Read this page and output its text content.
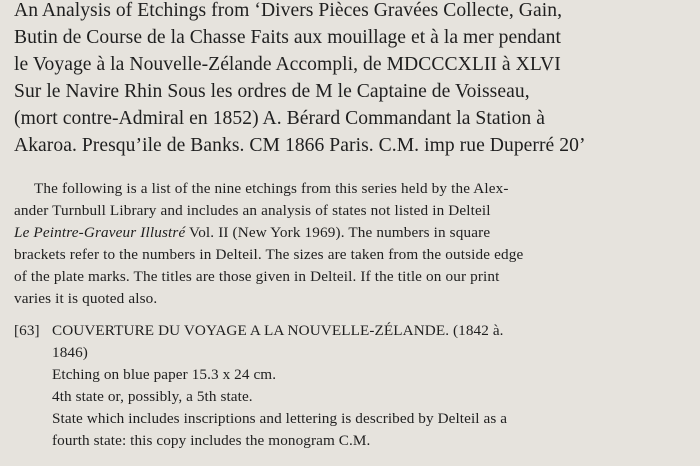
An Analysis of Etchings from ‘Divers Pièces Gravées Collecte, Gain,
Butin de Course de la Chasse Faits aux mouillage et à la mer pendant
le Voyage à la Nouvelle-Zélande Accompli, de MDCCCXLII à XLVI
Sur le Navire Rhin Sous les ordres de M le Captaine de Voisseau,
(mort contre-Admiral en 1852) A. Bérard Commandant la Station à
Akaroa. Presqu’ile de Banks. CM 1866 Paris. C.M. imp rue Duperré 20’
The following is a list of the nine etchings from this series held by the Alex-
ander Turnbull Library and includes an analysis of states not listed in Delteil
Le Peintre-Graveur Illustré Vol. II (New York 1969). The numbers in square
brackets refer to the numbers in Delteil. The sizes are taken from the outside edge
of the plate marks. The titles are those given in Delteil. If the title on our print
varies it is quoted also.
[63] COUVERTURE DU VOYAGE A LA NOUVELLE-ZÉLANDE. (1842 à.
1846)
Etching on blue paper 15.3 x 24 cm.
4th state or, possibly, a 5th state.
State which includes inscriptions and lettering is described by Delteil as a
fourth state: this copy includes the monogram C.M.
